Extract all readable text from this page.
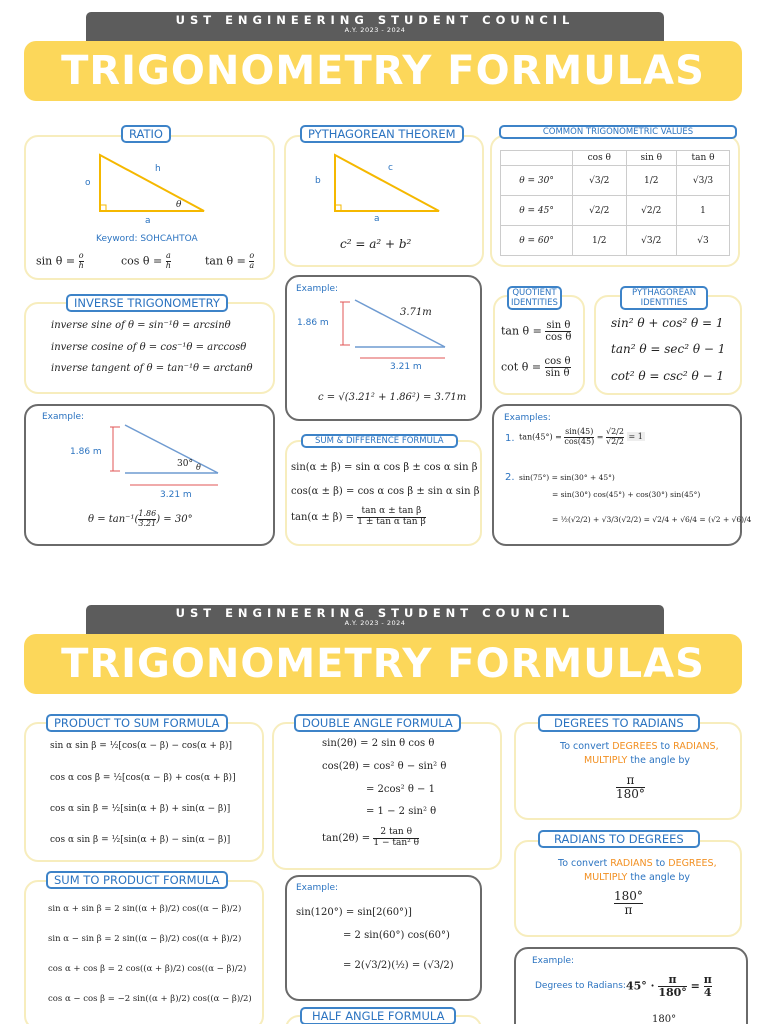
UST ENGINEERING STUDENT COUNCIL
A.Y. 2023 - 2024
TRIGONOMETRY FORMULAS
RATIO
o
h
a
θ
Keyword: SOHCAHTOA
$\sin \theta = \frac{o}{h}$	$\cos \theta = \frac{a}{h}$	$\tan \theta = \frac{o}{a}$
PYTHAGOREAN THEOREM
b
c
a
c² = a² + b²
COMMON TRIGONOMETRIC VALUES
	cos θ	sin θ	tan θ
θ = 30°	√3/2	1/2	√3/3
θ = 45°	√2/2	√2/2	1
θ = 60°	1/2	√3/2	√3
INVERSE TRIGONOMETRY
inverse sine of θ = sin⁻¹θ = arcsinθ
inverse cosine of θ = cos⁻¹θ = arccosθ
inverse tangent of θ = tan⁻¹θ = arctanθ
Example:
1.86 m
3.21 m
3.71m
c = √(3.21² + 1.86²) = 3.71m
QUOTIENT
IDENTITIES
$\tan \theta = \frac{\text{sin θ}}{\text{cos θ}}$
$\cot \theta = \frac{\text{cos θ}}{\text{sin θ}}$
PYTHAGOREAN
IDENTITIES
sin² θ + cos² θ = 1
tan² θ = sec² θ − 1
cot² θ = csc² θ − 1
Example:
1.86 m
3.21 m
30° θ
$\theta = \tan^{-1}( \frac{1.86}{3.21}$ ) = 30°
SUM & DIFFERENCE FORMULA
sin(α ± β) = sin α cos β ± cos α sin β
cos(α ± β) = cos α cos β ± sin α sin β
$\tan(\alpha \pm \beta) = \frac{\text{tan α ± tan β}}{\text{1 ± tan α tan β}}$
Examples:
1. $\tan(45^\circ) = \frac{\sin(45)}{\cos(45)} = \frac{√2/2}{√2/2} = 1$
2. sin(75°) = sin(30° + 45°)
= sin(30°) cos(45°) + cos(30°) sin(45°)
= ½(√2/2) + √3/3(√2/2) = √2/4 + √6/4 = (√2 + √6)/4
UST ENGINEERING STUDENT COUNCIL
A.Y. 2023 - 2024
TRIGONOMETRY FORMULAS
PRODUCT TO SUM FORMULA
sin α sin β = ½[cos(α − β) − cos(α + β)]
cos α cos β = ½[cos(α − β) + cos(α + β)]
cos α sin β = ½[sin(α + β) + sin(α − β)]
cos α sin β = ½[sin(α + β) − sin(α − β)]
DOUBLE ANGLE FORMULA
sin(2θ) = 2 sin θ cos θ
cos(2θ) = cos² θ − sin² θ
= 2cos² θ − 1
= 1 − 2 sin² θ
$\tan(2\theta) = \frac{\text{2 tan θ}}{\text{1 − tan² θ}}$
DEGREES TO RADIANS
To convert DEGREES to RADIANS,
MULTIPLY the angle by
$\frac{\pi}{180^\circ}$
RADIANS TO DEGREES
To convert RADIANS to DEGREES,
MULTIPLY the angle by
$\frac{180^\circ}{\pi}$
SUM TO PRODUCT FORMULA
sin α + sin β = 2 sin((α + β)/2) cos((α − β)/2)
sin α − sin β = 2 sin((α − β)/2) cos((α + β)/2)
cos α + cos β = 2 cos((α + β)/2) cos((α − β)/2)
cos α − cos β = −2 sin((α + β)/2) cos((α − β)/2)
Example:
sin(120°) = sin[2(60°)]
= 2 sin(60°) cos(60°)
= 2(√3/2)(½) = (√3/2)
HALF ANGLE FORMULA
Example:
Degrees to Radians: $45^\circ \cdot \frac{\pi}{180^\circ} = \frac{\pi}{4}$
180°
